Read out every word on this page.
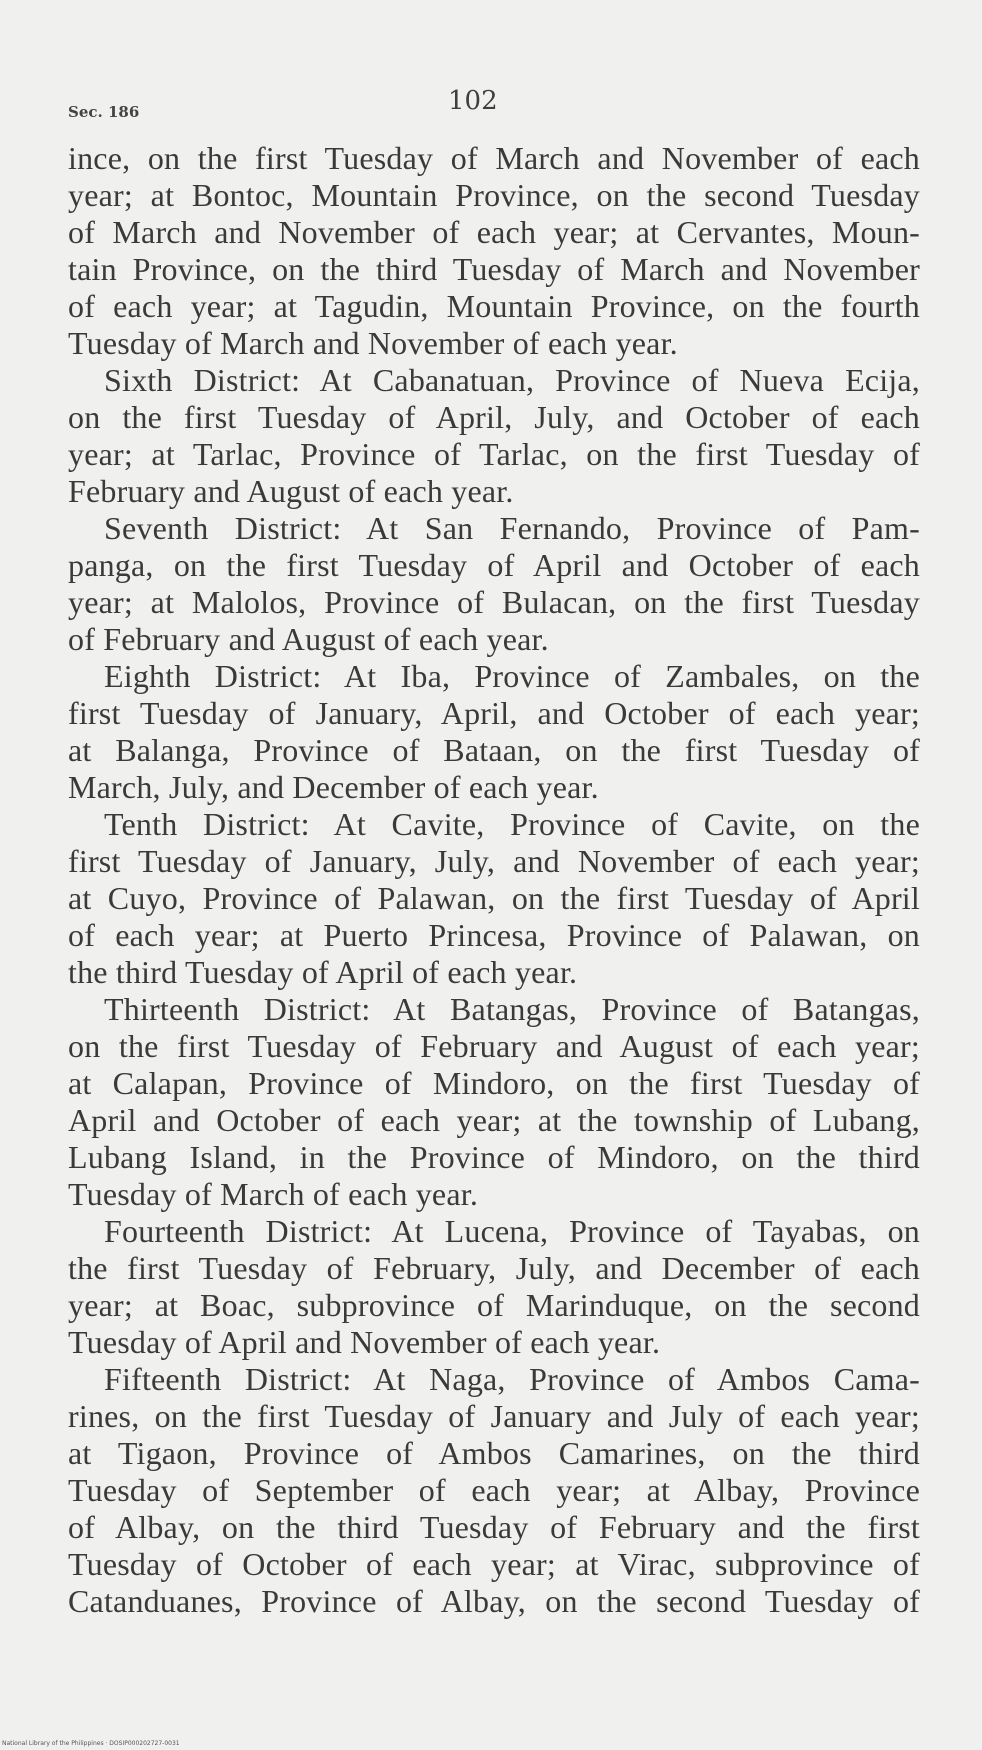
Sec. 186	102
ince, on the first Tuesday of March and November of each
year; at Bontoc, Mountain Province, on the second Tuesday
of March and November of each year; at Cervantes, Moun-
tain Province, on the third Tuesday of March and November
of each year; at Tagudin, Mountain Province, on the fourth
Tuesday of March and November of each year.
Sixth District: At Cabanatuan, Province of Nueva Ecija,
on the first Tuesday of April, July, and October of each
year; at Tarlac, Province of Tarlac, on the first Tuesday of
February and August of each year.
Seventh District: At San Fernando, Province of Pam-
panga, on the first Tuesday of April and October of each
year; at Malolos, Province of Bulacan, on the first Tuesday
of February and August of each year.
Eighth District: At Iba, Province of Zambales, on the
first Tuesday of January, April, and October of each year;
at Balanga, Province of Bataan, on the first Tuesday of
March, July, and December of each year.
Tenth District: At Cavite, Province of Cavite, on the
first Tuesday of January, July, and November of each year;
at Cuyo, Province of Palawan, on the first Tuesday of April
of each year; at Puerto Princesa, Province of Palawan, on
the third Tuesday of April of each year.
Thirteenth District: At Batangas, Province of Batangas,
on the first Tuesday of February and August of each year;
at Calapan, Province of Mindoro, on the first Tuesday of
April and October of each year; at the township of Lubang,
Lubang Island, in the Province of Mindoro, on the third
Tuesday of March of each year.
Fourteenth District: At Lucena, Province of Tayabas, on
the first Tuesday of February, July, and December of each
year; at Boac, subprovince of Marinduque, on the second
Tuesday of April and November of each year.
Fifteenth District: At Naga, Province of Ambos Cama-
rines, on the first Tuesday of January and July of each year;
at Tigaon, Province of Ambos Camarines, on the third
Tuesday of September of each year; at Albay, Province
of Albay, on the third Tuesday of February and the first
Tuesday of October of each year; at Virac, subprovince of
Catanduanes, Province of Albay, on the second Tuesday of
National Library of the Philippines · DOSIP000202727-0031
